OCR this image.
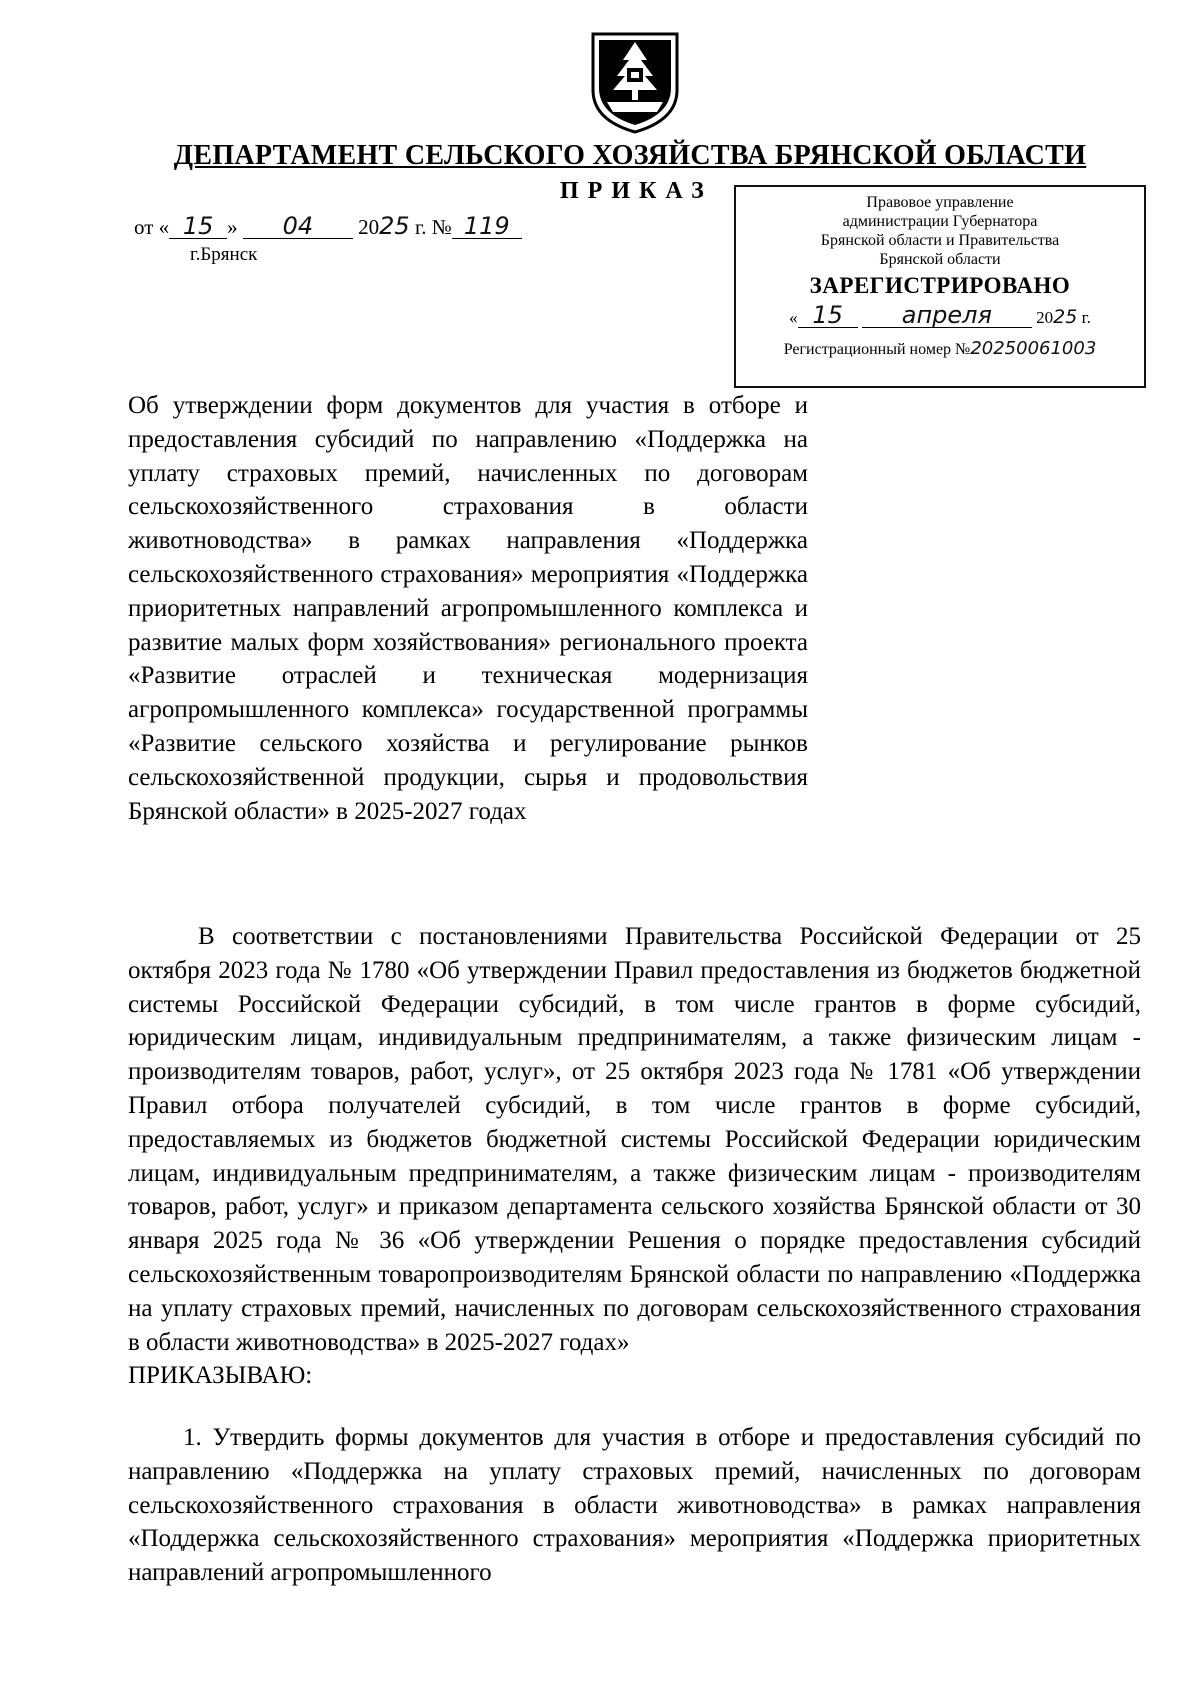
ДЕПАРТАМЕНТ СЕЛЬСКОГО ХОЗЯЙСТВА БРЯНСКОЙ ОБЛАСТИ
ПРИКАЗ
от « 15 » 04 2025 г. № 119
г.Брянск
Правовое управление
администрации Губернатора
Брянской области и Правительства
Брянской области
ЗАРЕГИСТРИРОВАНО
« 15 апреля	2025 г.
Регистрационный номер №20250061003
Об утверждении форм документов для участия в отборе и предоставления субсидий по направлению «Поддержка на уплату страховых премий, начисленных по договорам сельскохозяйственного страхования в области животноводства» в рамках направления «Поддержка сельскохозяйственного страхования» мероприятия «Поддержка приоритетных направлений агропромышленного комплекса и развитие малых форм хозяйствования» регионального проекта «Развитие отраслей и техническая модернизация агропромышленного комплекса» государственной программы «Развитие сельского хозяйства и регулирование рынков сельскохозяйственной продукции, сырья и продовольствия Брянской области» в 2025-2027 годах

В соответствии с постановлениями Правительства Российской Федерации от 25 октября 2023 года № 1780 «Об утверждении Правил предоставления из бюджетов бюджетной системы Российской Федерации субсидий, в том числе грантов в форме субсидий, юридическим лицам, индивидуальным предпринимателям, а также физическим лицам - производителям товаров, работ, услуг», от 25 октября 2023 года № 1781 «Об утверждении Правил отбора получателей субсидий, в том числе грантов в форме субсидий, предоставляемых из бюджетов бюджетной системы Российской Федерации юридическим лицам, индивидуальным предпринимателям, а также физическим лицам - производителям товаров, работ, услуг» и приказом департамента сельского хозяйства Брянской области от 30 января 2025 года № 36 «Об утверждении Решения о порядке предоставления субсидий сельскохозяйственным товаропроизводителям Брянской области по направлению «Поддержка на уплату страховых премий, начисленных по договорам сельскохозяйственного страхования в области животноводства» в 2025-2027 годах»

ПРИКАЗЫВАЮ:

1. Утвердить формы документов для участия в отборе и предоставления субсидий по направлению «Поддержка на уплату страховых премий, начисленных по договорам сельскохозяйственного страхования в области животноводства» в рамках направления «Поддержка сельскохозяйственного страхования» мероприятия «Поддержка приоритетных направлений агропромышленного
